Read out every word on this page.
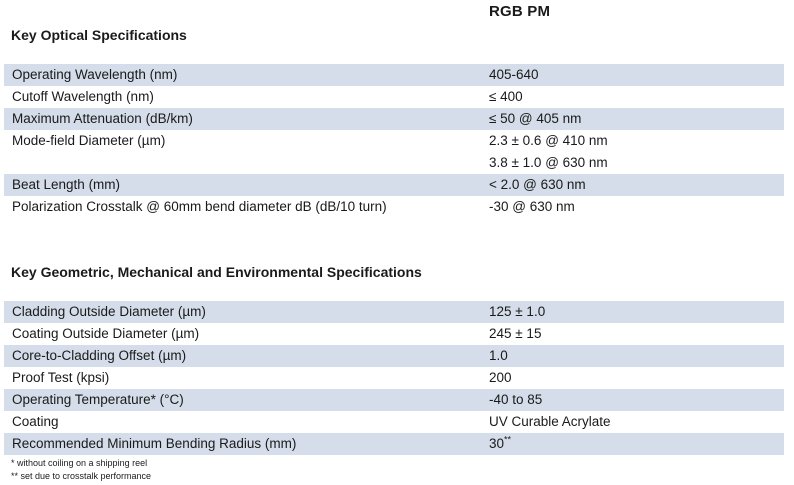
RGB PM
Key Optical Specifications
Operating Wavelength (nm)	405-640
Cutoff Wavelength (nm)	≤ 400
Maximum Attenuation (dB/km)	≤ 50 @ 405 nm
Mode-field Diameter (µm)	2.3 ± 0.6 @ 410 nm
3.8 ± 1.0 @ 630 nm
Beat Length (mm)	< 2.0 @ 630 nm
Polarization Crosstalk @ 60mm bend diameter dB (dB/10 turn)	-30 @ 630 nm
Key Geometric, Mechanical and Environmental Specifications
Cladding Outside Diameter (µm)	125 ± 1.0
Coating Outside Diameter (µm)	245 ± 15
Core-to-Cladding Offset (µm)	1.0
Proof Test (kpsi)	200
Operating Temperature* (°C)	-40 to 85
Coating	UV Curable Acrylate
Recommended Minimum Bending Radius (mm)	30**
* without coiling on a shipping reel
** set due to crosstalk performance
